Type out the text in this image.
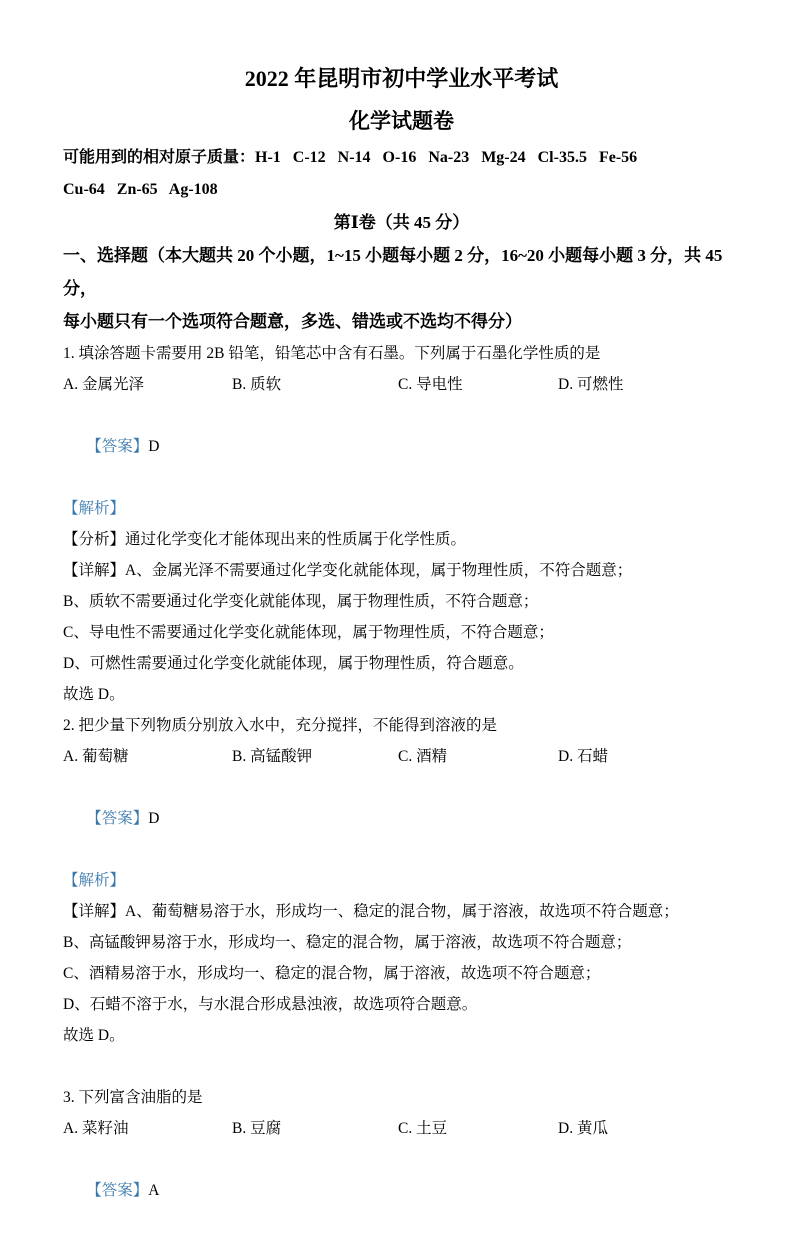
2022 年昆明市初中学业水平考试
化学试题卷
可能用到的相对原子质量：H-1   C-12   N-14   O-16   Na-23   Mg-24   Cl-35.5   Fe-56
Cu-64   Zn-65   Ag-108
第Ⅰ卷（共 45 分）
一、选择题（本大题共 20 个小题，1~15 小题每小题 2 分，16~20 小题每小题 3 分，共 45 分，
每小题只有一个选项符合题意，多选、错选或不选均不得分）
1. 填涂答题卡需要用 2B 铅笔，铅笔芯中含有石墨。下列属于石墨化学性质的是
A. 金属光泽	B. 质软	C. 导电性	D. 可燃性

【答案】D

【解析】
【分析】通过化学变化才能体现出来的性质属于化学性质。
【详解】A、金属光泽不需要通过化学变化就能体现，属于物理性质，不符合题意；
B、质软不需要通过化学变化就能体现，属于物理性质，不符合题意；
C、导电性不需要通过化学变化就能体现，属于物理性质，不符合题意；
D、可燃性需要通过化学变化就能体现，属于物理性质，符合题意。
故选 D。
2. 把少量下列物质分别放入水中，充分搅拌，不能得到溶液的是
A. 葡萄糖	B. 高锰酸钾	C. 酒精	D. 石蜡

【答案】D

【解析】
【详解】A、葡萄糖易溶于水，形成均一、稳定的混合物，属于溶液，故选项不符合题意；
B、高锰酸钾易溶于水，形成均一、稳定的混合物，属于溶液，故选项不符合题意；
C、酒精易溶于水，形成均一、稳定的混合物，属于溶液，故选项不符合题意；
D、石蜡不溶于水，与水混合形成悬浊液，故选项符合题意。
故选 D。
3. 下列富含油脂的是
A. 菜籽油	B. 豆腐	C. 土豆	D. 黄瓜

【答案】A
